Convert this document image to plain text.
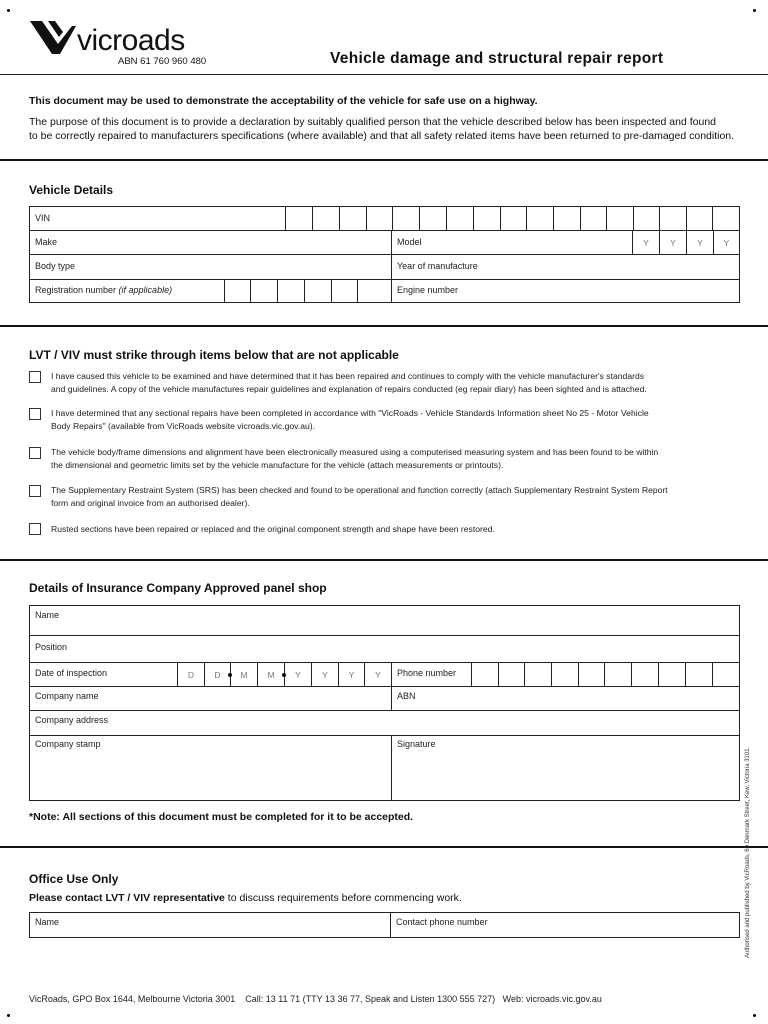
vicroads
ABN 61 760 960 480	Vehicle damage and structural repair report
This document may be used to demonstrate the acceptability of the vehicle for safe use on a highway.
The purpose of this document is to provide a declaration by suitably qualified person that the vehicle described below has been inspected and found
to be correctly repaired to manufacturers specifications (where available) and that all safety related items have been returned to pre-damaged condition.
Vehicle Details
VIN
Make	Model	Y	Y	Y	Y
Body type	Year of manufacture
Registration number (if applicable)	Engine number
LVT / VIV must strike through items below that are not applicable
I have caused this vehicle to be examined and have determined that it has been repaired and continues to comply with the vehicle manufacturer's standards
and guidelines. A copy of the vehicle manufactures repair guidelines and explanation of repairs conducted (eg repair diary) has been sighted and is attached.
I have determined that any sectional repairs have been completed in accordance with "VicRoads - Vehicle Standards Information sheet No 25 - Motor Vehicle
Body Repairs" (available from VicRoads website vicroads.vic.gov.au).
The vehicle body/frame dimensions and alignment have been electronically measured using a computerised measuring system and has been found to be within
the dimensional and geometric limits set by the vehicle manufacture for the vehicle (attach measurements or printouts).
The Supplementary Restraint System (SRS) has been checked and found to be operational and function correctly (attach Supplementary Restraint System Report
form and original invoice from an authorised dealer).
Rusted sections have been repaired or replaced and the original component strength and shape have been restored.
Details of Insurance Company Approved panel shop
Name
Position
Date of inspection	D	D	M	M	Y	Y	Y	Y	Phone number
Company name	ABN
Company address
Company stamp	Signature
*Note: All sections of this document must be completed for it to be accepted.
Office Use Only
Please contact LVT / VIV representative to discuss requirements before commencing work.
Name	Contact phone number	Authorised and published by VicRoads, 60 Denmark Street, Kew, Victoria 3101.
VicRoads, GPO Box 1644, Melbourne Victoria 3001    Call: 13 11 71 (TTY 13 36 77, Speak and Listen 1300 555 727)   Web: vicroads.vic.gov.au
